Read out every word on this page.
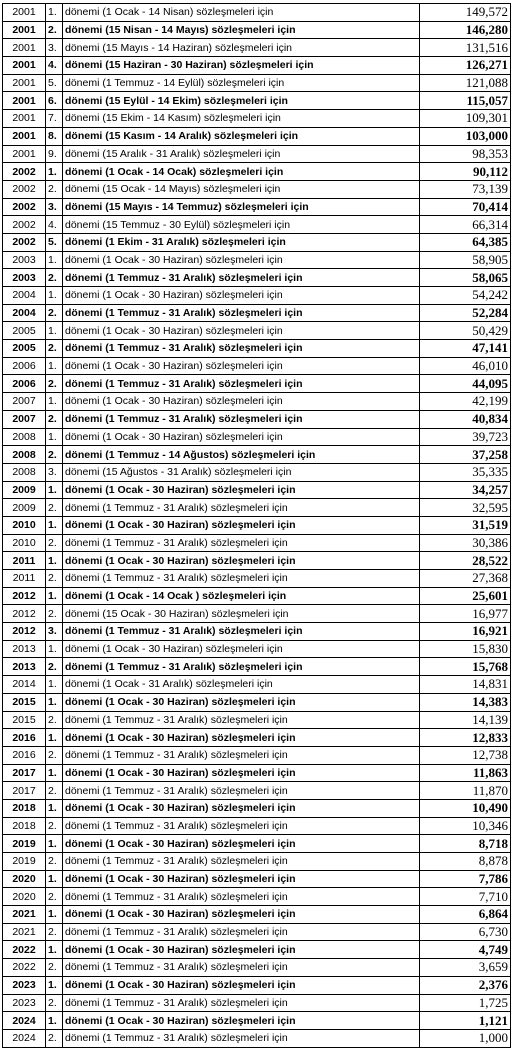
2001	1.	dönemi (1 Ocak - 14 Nisan) sözleşmeleri için	149,572
2001	2.	dönemi (15 Nisan - 14 Mayıs) sözleşmeleri için	146,280
2001	3.	dönemi (15 Mayıs - 14 Haziran) sözleşmeleri için	131,516
2001	4.	dönemi (15 Haziran - 30 Haziran) sözleşmeleri için	126,271
2001	5.	dönemi (1 Temmuz - 14 Eylül) sözleşmeleri için	121,088
2001	6.	dönemi (15 Eylül - 14 Ekim) sözleşmeleri için	115,057
2001	7.	dönemi (15 Ekim - 14 Kasım) sözleşmeleri için	109,301
2001	8.	dönemi (15 Kasım - 14 Aralık) sözleşmeleri için	103,000
2001	9.	dönemi (15 Aralık - 31 Aralık) sözleşmeleri için	98,353
2002	1.	dönemi (1 Ocak - 14 Ocak) sözleşmeleri için	90,112
2002	2.	dönemi (15 Ocak - 14 Mayıs) sözleşmeleri için	73,139
2002	3.	dönemi (15 Mayıs - 14 Temmuz) sözleşmeleri için	70,414
2002	4.	dönemi (15 Temmuz - 30 Eylül) sözleşmeleri için	66,314
2002	5.	dönemi (1 Ekim - 31 Aralık) sözleşmeleri için	64,385
2003	1.	dönemi (1 Ocak - 30 Haziran) sözleşmeleri için	58,905
2003	2.	dönemi (1 Temmuz - 31 Aralık) sözleşmeleri için	58,065
2004	1.	dönemi (1 Ocak - 30 Haziran) sözleşmeleri için	54,242
2004	2.	dönemi (1 Temmuz - 31 Aralık) sözleşmeleri için	52,284
2005	1.	dönemi (1 Ocak - 30 Haziran) sözleşmeleri için	50,429
2005	2.	dönemi (1 Temmuz - 31 Aralık) sözleşmeleri için	47,141
2006	1.	dönemi (1 Ocak - 30 Haziran) sözleşmeleri için	46,010
2006	2.	dönemi (1 Temmuz - 31 Aralık) sözleşmeleri için	44,095
2007	1.	dönemi (1 Ocak - 30 Haziran) sözleşmeleri için	42,199
2007	2.	dönemi (1 Temmuz - 31 Aralık) sözleşmeleri için	40,834
2008	1.	dönemi (1 Ocak - 30 Haziran) sözleşmeleri için	39,723
2008	2.	dönemi (1 Temmuz - 14 Ağustos) sözleşmeleri için	37,258
2008	3.	dönemi (15 Ağustos - 31 Aralık) sözleşmeleri için	35,335
2009	1.	dönemi (1 Ocak - 30 Haziran) sözleşmeleri için	34,257
2009	2.	dönemi (1 Temmuz - 31 Aralık) sözleşmeleri için	32,595
2010	1.	dönemi (1 Ocak - 30 Haziran) sözleşmeleri için	31,519
2010	2.	dönemi (1 Temmuz - 31 Aralık) sözleşmeleri için	30,386
2011	1.	dönemi (1 Ocak - 30 Haziran) sözleşmeleri için	28,522
2011	2.	dönemi (1 Temmuz - 31 Aralık) sözleşmeleri için	27,368
2012	1.	dönemi (1 Ocak - 14 Ocak ) sözleşmeleri için	25,601
2012	2.	dönemi (15 Ocak - 30 Haziran) sözleşmeleri için	16,977
2012	3.	dönemi (1 Temmuz - 31 Aralık) sözleşmeleri için	16,921
2013	1.	dönemi (1 Ocak - 30 Haziran) sözleşmeleri için	15,830
2013	2.	dönemi (1 Temmuz - 31 Aralık) sözleşmeleri için	15,768
2014	1.	dönemi (1 Ocak - 31 Aralık) sözleşmeleri için	14,831
2015	1.	dönemi (1 Ocak - 30 Haziran) sözleşmeleri için	14,383
2015	2.	dönemi (1 Temmuz - 31 Aralık) sözleşmeleri için	14,139
2016	1.	dönemi (1 Ocak - 30 Haziran) sözleşmeleri için	12,833
2016	2.	dönemi (1 Temmuz - 31 Aralık) sözleşmeleri için	12,738
2017	1.	dönemi (1 Ocak - 30 Haziran) sözleşmeleri için	11,863
2017	2.	dönemi (1 Temmuz - 31 Aralık) sözleşmeleri için	11,870
2018	1.	dönemi (1 Ocak - 30 Haziran) sözleşmeleri için	10,490
2018	2.	dönemi (1 Temmuz - 31 Aralık) sözleşmeleri için	10,346
2019	1.	dönemi (1 Ocak - 30 Haziran) sözleşmeleri için	8,718
2019	2.	dönemi (1 Temmuz - 31 Aralık) sözleşmeleri için	8,878
2020	1.	dönemi (1 Ocak - 30 Haziran) sözleşmeleri için	7,786
2020	2.	dönemi (1 Temmuz - 31 Aralık) sözleşmeleri için	7,710
2021	1.	dönemi (1 Ocak - 30 Haziran) sözleşmeleri için	6,864
2021	2.	dönemi (1 Temmuz - 31 Aralık) sözleşmeleri için	6,730
2022	1.	dönemi (1 Ocak - 30 Haziran) sözleşmeleri için	4,749
2022	2.	dönemi (1 Temmuz - 31 Aralık) sözleşmeleri için	3,659
2023	1.	dönemi (1 Ocak - 30 Haziran) sözleşmeleri için	2,376
2023	2.	dönemi (1 Temmuz - 31 Aralık) sözleşmeleri için	1,725
2024	1.	dönemi (1 Ocak - 30 Haziran) sözleşmeleri için	1,121
2024	2.	dönemi (1 Temmuz - 31 Aralık) sözleşmeleri için	1,000
